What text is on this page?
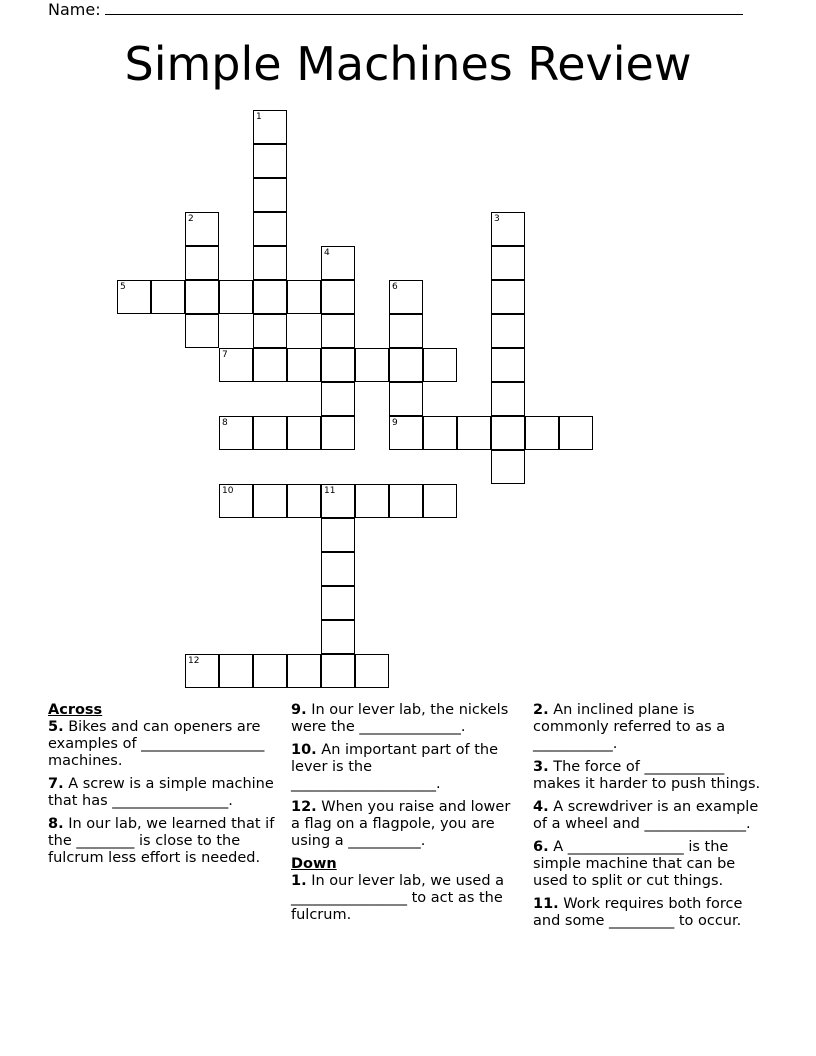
Name:
Simple Machines Review
1
2	3
4
5	6
9
7
8
10	11
12

Across

5. Bikes and can openers are examples of _________________ machines.

7. A screw is a simple machine that has ________________.

8. In our lab, we learned that if the ________ is close to the fulcrum less effort is needed.

9. In our lever lab, the nickels were the ______________.

10. An important part of the lever is the ____________________.

12. When you raise and lower a flag on a flagpole, you are using a __________.

Down

1. In our lever lab, we used a ________________ to act as the fulcrum.

2. An inclined plane is commonly referred to as a ___________.

3. The force of ___________ makes it harder to push things.

4. A screwdriver is an example of a wheel and ______________.

6. A ________________ is the simple machine that can be used to split or cut things.

11. Work requires both force and some _________ to occur.
